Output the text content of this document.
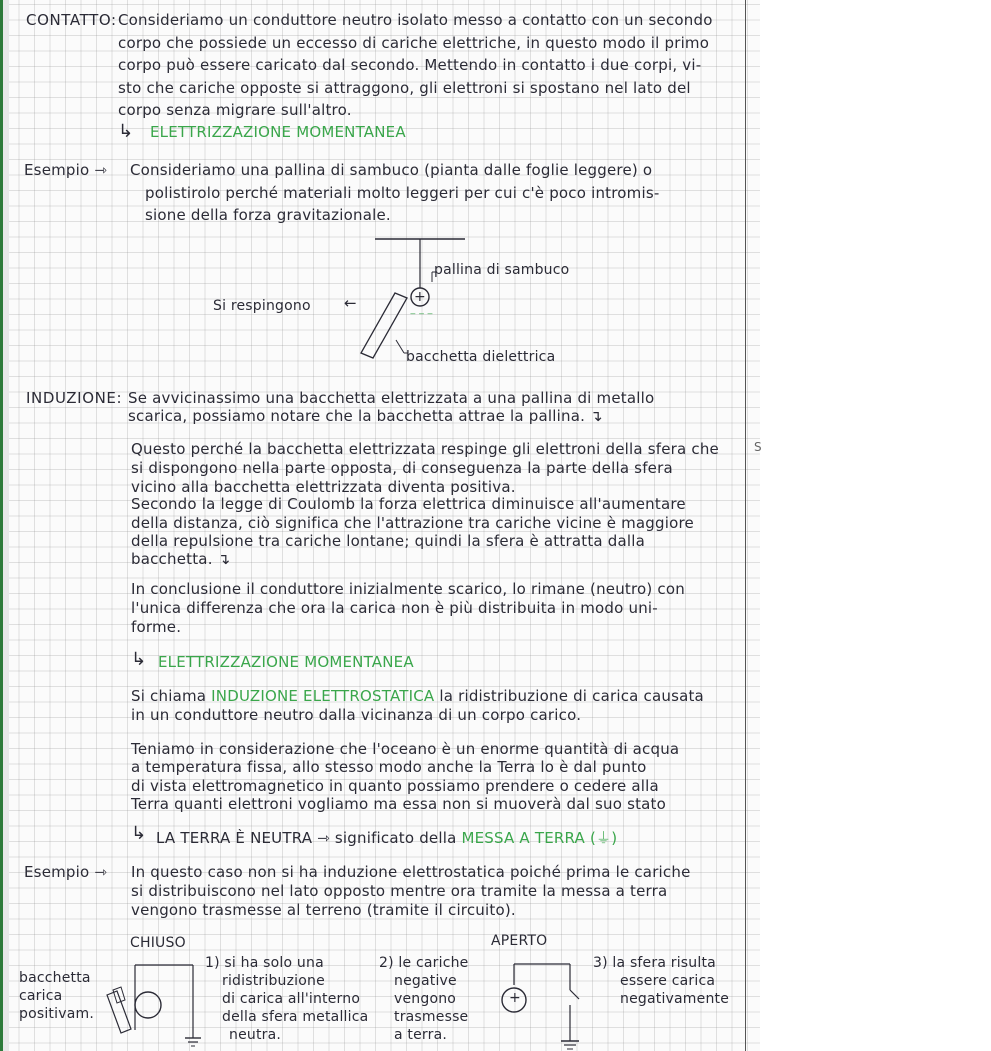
CONTATTO: Consideriamo un conduttore neutro isolato messo a contatto con un secondo
corpo che possiede un eccesso di cariche elettriche, in questo modo il primo
corpo può essere caricato dal secondo. Mettendo in contatto i due corpi, vi-
sto che cariche opposte si attraggono, gli elettroni si spostano nel lato del
corpo senza migrare sull'altro.
↳ ELETTRIZZAZIONE MOMENTANEA
Esempio ⇾ Consideriamo una pallina di sambuco (pianta dalle foglie leggere) o
polistirolo perché materiali molto leggeri per cui c'è poco intromis-
sione della forza gravitazionale.
‒ ‒ ‒
pallina di sambuco
Si respingono ←	+
bacchetta dielettrica
INDUZIONE: Se avvicinassimo una bacchetta elettrizzata a una pallina di metallo
scarica, possiamo notare che la bacchetta attrae la pallina. ↴
Questo perché la bacchetta elettrizzata respinge gli elettroni della sfera che
si dispongono nella parte opposta, di conseguenza la parte della sfera
vicino alla bacchetta elettrizzata diventa positiva.
Secondo la legge di Coulomb la forza elettrica diminuisce all'aumentare
della distanza, ciò significa che l'attrazione tra cariche vicine è maggiore
della repulsione tra cariche lontane; quindi la sfera è attratta dalla
bacchetta. ↴
In conclusione il conduttore inizialmente scarico, lo rimane (neutro) con
l'unica differenza che ora la carica non è più distribuita in modo uni-
forme.
↳ ELETTRIZZAZIONE MOMENTANEA
Si chiama INDUZIONE ELETTROSTATICA la ridistribuzione di carica causata
in un conduttore neutro dalla vicinanza di un corpo carico.
Teniamo in considerazione che l'oceano è un enorme quantità di acqua
a temperatura fissa, allo stesso modo anche la Terra lo è dal punto
di vista elettromagnetico in quanto possiamo prendere o cedere alla
Terra quanti elettroni vogliamo ma essa non si muoverà dal suo stato
↳ LA TERRA È NEUTRA ⇾ significato della MESSA A TERRA (⏚)
Esempio ⇾ In questo caso non si ha induzione elettrostatica poiché prima le cariche
si distribuiscono nel lato opposto mentre ora tramite la messa a terra
vengono trasmesse al terreno (tramite il circuito).
CHIUSO	APERTO
bacchetta
carica
positivam.
1) si ha solo una
ridistribuzione
di carica all'interno
della sfera metallica
neutra.
2) le cariche
negative
vengono
trasmesse
a terra.
+
3) la sfera risulta
essere carica
negativamente
S
